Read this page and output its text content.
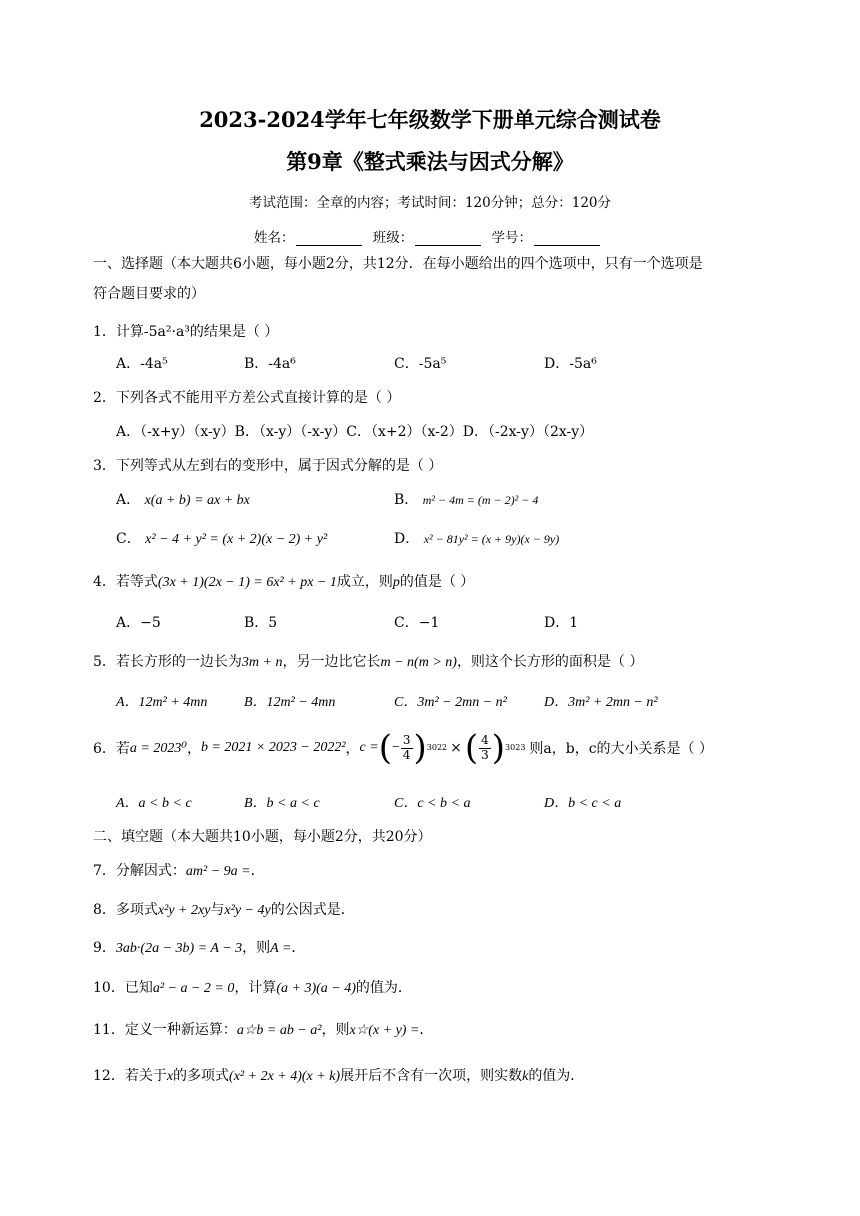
2023-2024学年七年级数学下册单元综合测试卷
第9章《整式乘法与因式分解》
考试范围：全章的内容；考试时间：120分钟；总分：120分
姓名：	班级：	学号：
一、选择题（本大题共6小题，每小题2分，共12分．在每小题给出的四个选项中，只有一个选项是
符合题目要求的）
1．计算-5a²·a³的结果是（ ）
A．-4a⁵	B．-4a⁶	C．-5a⁵	D．-5a⁶
2．下列各式不能用平方差公式直接计算的是（ ）
A．（-x+y）（x-y）B．（x-y）（-x-y）C．（x+2）（x-2）D．（-2x-y）（2x-y）
3．下列等式从左到右的变形中，属于因式分解的是（ ）
A． x(a + b) = ax + bx	B． m² − 4m = (m − 2)² − 4
C． x² − 4 + y² = (x + 2)(x − 2) + y²	D． x² − 81y² = (x + 9y)(x − 9y)
4．若等式(3x + 1)(2x − 1) = 6x² + px − 1成立，则p的值是（ ）
A．−5	B．5	C．−1	D．1
5．若长方形的一边长为3m + n，另一边比它长m − n(m > n)，则这个长方形的面积是（ ）
A．12m² + 4mn	B．12m² − 4mn	C．3m² − 2mn − n²	D．3m² + 2mn − n²
6．若 a = 2023⁰ ， b = 2021 × 2023 − 2022² ， c = ( − $\frac{3}{4}$ ) 3022 × ( $\frac{4}{3}$ ) 3023 则a，b，c的大小关系是（ ）
A．a < b < c	B．b < a < c	C．c < b < a	D．b < c < a
二、填空题（本大题共10小题，每小题2分，共20分）
7．分解因式：am² − 9a =．
8．多项式x²y + 2xy与x²y − 4y的公因式是．
9．3ab·(2a − 3b) = A − 3，则A =．
10．已知a² − a − 2 = 0，计算(a + 3)(a − 4)的值为．
11．定义一种新运算：a☆b = ab − a²，则x☆(x + y) =．
12．若关于x的多项式(x² + 2x + 4)(x + k)展开后不含有一次项，则实数k的值为．
